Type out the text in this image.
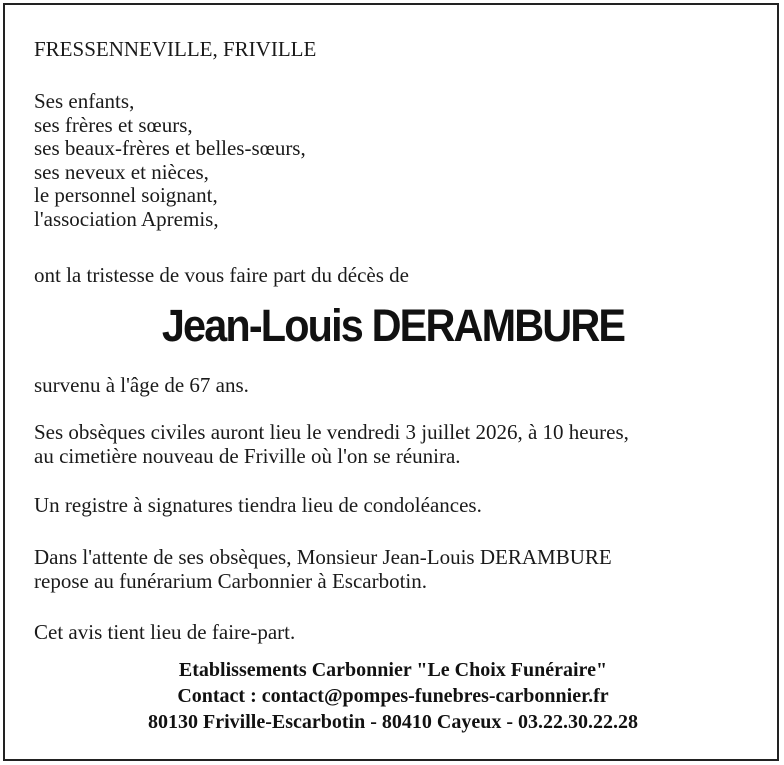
FRESSENNEVILLE, FRIVILLE
Ses enfants,
ses frères et sœurs,
ses beaux-frères et belles-sœurs,
ses neveux et nièces,
le personnel soignant,
l'association Apremis,
ont la tristesse de vous faire part du décès de
Jean-Louis DERAMBURE
survenu à l'âge de 67 ans.
Ses obsèques civiles auront lieu le vendredi 3 juillet 2026, à 10 heures,
au cimetière nouveau de Friville où l'on se réunira.
Un registre à signatures tiendra lieu de condoléances.
Dans l'attente de ses obsèques, Monsieur Jean-Louis DERAMBURE
repose au funérarium Carbonnier à Escarbotin.
Cet avis tient lieu de faire-part.
Etablissements Carbonnier "Le Choix Funéraire"
Contact : contact@pompes-funebres-carbonnier.fr
80130 Friville-Escarbotin - 80410 Cayeux - 03.22.30.22.28
